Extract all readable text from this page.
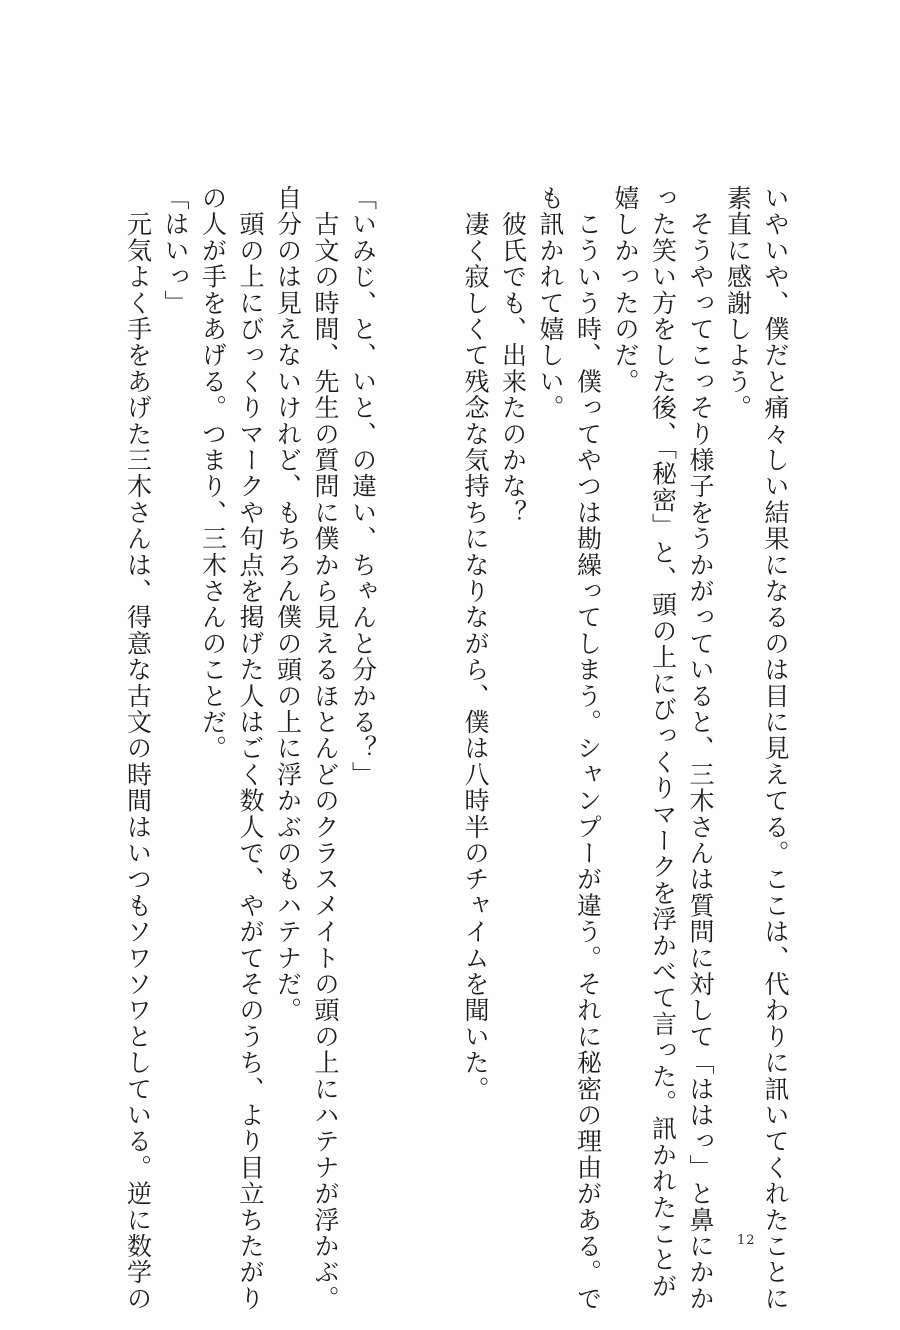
いやいや、僕だと痛々しい結果になるのは目に見えてる。ここは、代わりに訊いてくれたことに
素直に感謝しよう。
　そうやってこっそり様子をうかがっていると、三木さんは質問に対して「ははっ」と鼻にかか
った笑い方をした後、「秘密」と、頭の上にびっくりマークを浮かべて言った。訊かれたことが
嬉しかったのだ。
　こういう時、僕ってやつは勘繰ってしまう。シャンプーが違う。それに秘密の理由がある。で
も訊かれて嬉しい。
　彼氏でも、出来たのかな？
　凄く寂しくて残念な気持ちになりながら、僕は八時半のチャイムを聞いた。
「いみじ、と、いと、の違い、ちゃんと分かる？」
　古文の時間、先生の質問に僕から見えるほとんどのクラスメイトの頭の上にハテナが浮かぶ。
自分のは見えないけれど、もちろん僕の頭の上に浮かぶのもハテナだ。
　頭の上にびっくりマークや句点を掲げた人はごく数人で、やがてそのうち、より目立ちたがり
の人が手をあげる。つまり、三木さんのことだ。
「はいっ」
　元気よく手をあげた三木さんは、得意な古文の時間はいつもソワソワとしている。逆に数学の	12
